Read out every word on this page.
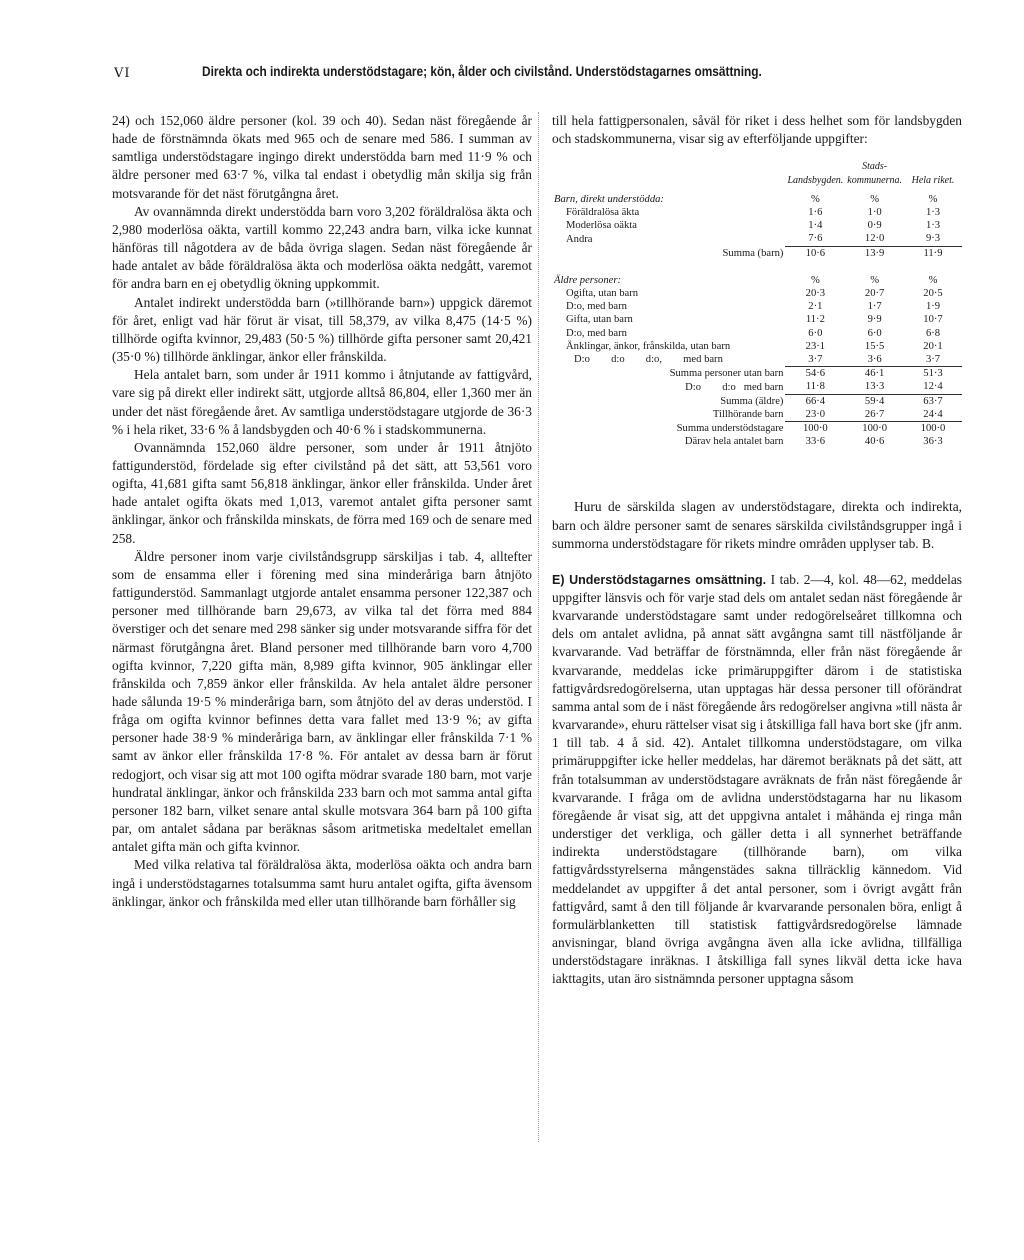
VI	Direkta och indirekta understödstagare; kön, ålder och civilstånd. Understödstagarnes omsättning.

24) och 152,060 äldre personer (kol. 39 och 40). Sedan näst föregående år hade de förstnämnda ökats med 965 och de senare med 586. I summan av samtliga understödstagare ingingo direkt understödda barn med 11·9 % och äldre personer med 63·7 %, vilka tal endast i obetydlig mån skilja sig från motsvarande för det näst förutgångna året.

Av ovannämnda direkt understödda barn voro 3,202 föräldralösa äkta och 2,980 moderlösa oäkta, vartill kommo 22,243 andra barn, vilka icke kunnat hänföras till någotdera av de båda övriga slagen. Sedan näst föregående år hade antalet av både föräldralösa äkta och moderlösa oäkta nedgått, varemot för andra barn en ej obetydlig ökning uppkommit.

Antalet indirekt understödda barn (»tillhörande barn») uppgick däremot för året, enligt vad här förut är visat, till 58,379, av vilka 8,475 (14·5 %) tillhörde ogifta kvinnor, 29,483 (50·5 %) tillhörde gifta personer samt 20,421 (35·0 %) tillhörde änklingar, änkor eller frånskilda.

Hela antalet barn, som under år 1911 kommo i åtnjutande av fattigvård, vare sig på direkt eller indirekt sätt, utgjorde alltså 86,804, eller 1,360 mer än under det näst föregående året. Av samtliga understödstagare utgjorde de 36·3 % i hela riket, 33·6 % å landsbygden och 40·6 % i stadskommunerna.

Ovannämnda 152,060 äldre personer, som under år 1911 åtnjöto fattigunderstöd, fördelade sig efter civilstånd på det sätt, att 53,561 voro ogifta, 41,681 gifta samt 56,818 änklingar, änkor eller frånskilda. Under året hade antalet ogifta ökats med 1,013, varemot antalet gifta personer samt änklingar, änkor och frånskilda minskats, de förra med 169 och de senare med 258.

Äldre personer inom varje civilståndsgrupp särskiljas i tab. 4, alltefter som de ensamma eller i förening med sina minderåriga barn åtnjöto fattigunderstöd. Sammanlagt utgjorde antalet ensamma personer 122,387 och personer med tillhörande barn 29,673, av vilka tal det förra med 884 överstiger och det senare med 298 sänker sig under motsvarande siffra för det närmast förutgångna året. Bland personer med tillhörande barn voro 4,700 ogifta kvinnor, 7,220 gifta män, 8,989 gifta kvinnor, 905 änklingar eller frånskilda och 7,859 änkor eller frånskilda. Av hela antalet äldre personer hade sålunda 19·5 % minderåriga barn, som åtnjöto del av deras understöd. I fråga om ogifta kvinnor befinnes detta vara fallet med 13·9 %; av gifta personer hade 38·9 % minderåriga barn, av änklingar eller frånskilda 7·1 % samt av änkor eller frånskilda 17·8 %. För antalet av dessa barn är förut redogjort, och visar sig att mot 100 ogifta mödrar svarade 180 barn, mot varje hundratal änklingar, änkor och frånskilda 233 barn och mot samma antal gifta personer 182 barn, vilket senare antal skulle motsvara 364 barn på 100 gifta par, om antalet sådana par beräknas såsom aritmetiska medeltalet emellan antalet gifta män och gifta kvinnor.

Med vilka relativa tal föräldralösa äkta, moderlösa oäkta och andra barn ingå i understödstagarnes totalsumma samt huru antalet ogifta, gifta ävensom änklingar, änkor och frånskilda med eller utan tillhörande barn förhåller sig

till hela fattigpersonalen, såväl för riket i dess helhet som för landsbygden och stadskommunerna, visar sig av efterföljande uppgifter:

	Landsbygden.	Stads-kommunerna.	Hela riket.
Barn, direkt understödda:	%	%	%
Föräldralösa äkta	1·6	1·0	1·3
Moderlösa oäkta	1·4	0·9	1·3
Andra	7·6	12·0	9·3
Summa (barn)	10·6	13·9	11·9

Äldre personer:	%	%	%
Ogifta, utan barn	20·3	20·7	20·5
D:o, med barn	2·1	1·7	1·9
Gifta, utan barn	11·2	9·9	10·7
D:o, med barn	6·0	6·0	6·8
Änklingar, änkor, frånskilda, utan barn	23·1	15·5	20·1
D:o        d:o        d:o,        med barn	3·7	3·6	3·7
Summa personer utan barn	54·6	46·1	51·3
D:o        d:o   med barn	11·8	13·3	12·4
Summa (äldre)	66·4	59·4	63·7
Tillhörande barn	23·0	26·7	24·4
Summa understödstagare	100·0	100·0	100·0
Därav hela antalet barn	33·6	40·6	36·3

Huru de särskilda slagen av understödstagare, direkta och indirekta, barn och äldre personer samt de senares särskilda civilståndsgrupper ingå i summorna understödstagare för rikets mindre områden upplyser tab. B.

E) Understödstagarnes omsättning. I tab. 2—4, kol. 48—62, meddelas uppgifter länsvis och för varje stad dels om antalet sedan näst föregående år kvarvarande understödstagare samt under redogörelseåret tillkomna och dels om antalet avlidna, på annat sätt avgångna samt till nästföljande år kvarvarande. Vad beträffar de förstnämnda, eller från näst föregående år kvarvarande, meddelas icke primäruppgifter därom i de statistiska fattigvårdsredogörelserna, utan upptagas här dessa personer till oförändrat samma antal som de i näst föregående års redogörelser angivna »till nästa år kvarvarande», ehuru rättelser visat sig i åtskilliga fall hava bort ske (jfr anm. 1 till tab. 4 å sid. 42). Antalet tillkomna understödstagare, om vilka primäruppgifter icke heller meddelas, har däremot beräknats på det sätt, att från totalsumman av understödstagare avräknats de från näst föregående år kvarvarande. I fråga om de avlidna understödstagarna har nu likasom föregående år visat sig, att det uppgivna antalet i måhända ej ringa mån understiger det verkliga, och gäller detta i all synnerhet beträffande indirekta understödstagare (tillhörande barn), om vilka fattigvårdsstyrelserna mångenstädes sakna tillräcklig kännedom. Vid meddelandet av uppgifter å det antal personer, som i övrigt avgått från fattigvård, samt å den till följande år kvarvarande personalen böra, enligt å formulärblanketten till statistisk fattigvårdsredogörelse lämnade anvisningar, bland övriga avgångna även alla icke avlidna, tillfälliga understödstagare inräknas. I åtskilliga fall synes likväl detta icke hava iakttagits, utan äro sistnämnda personer upptagna såsom
